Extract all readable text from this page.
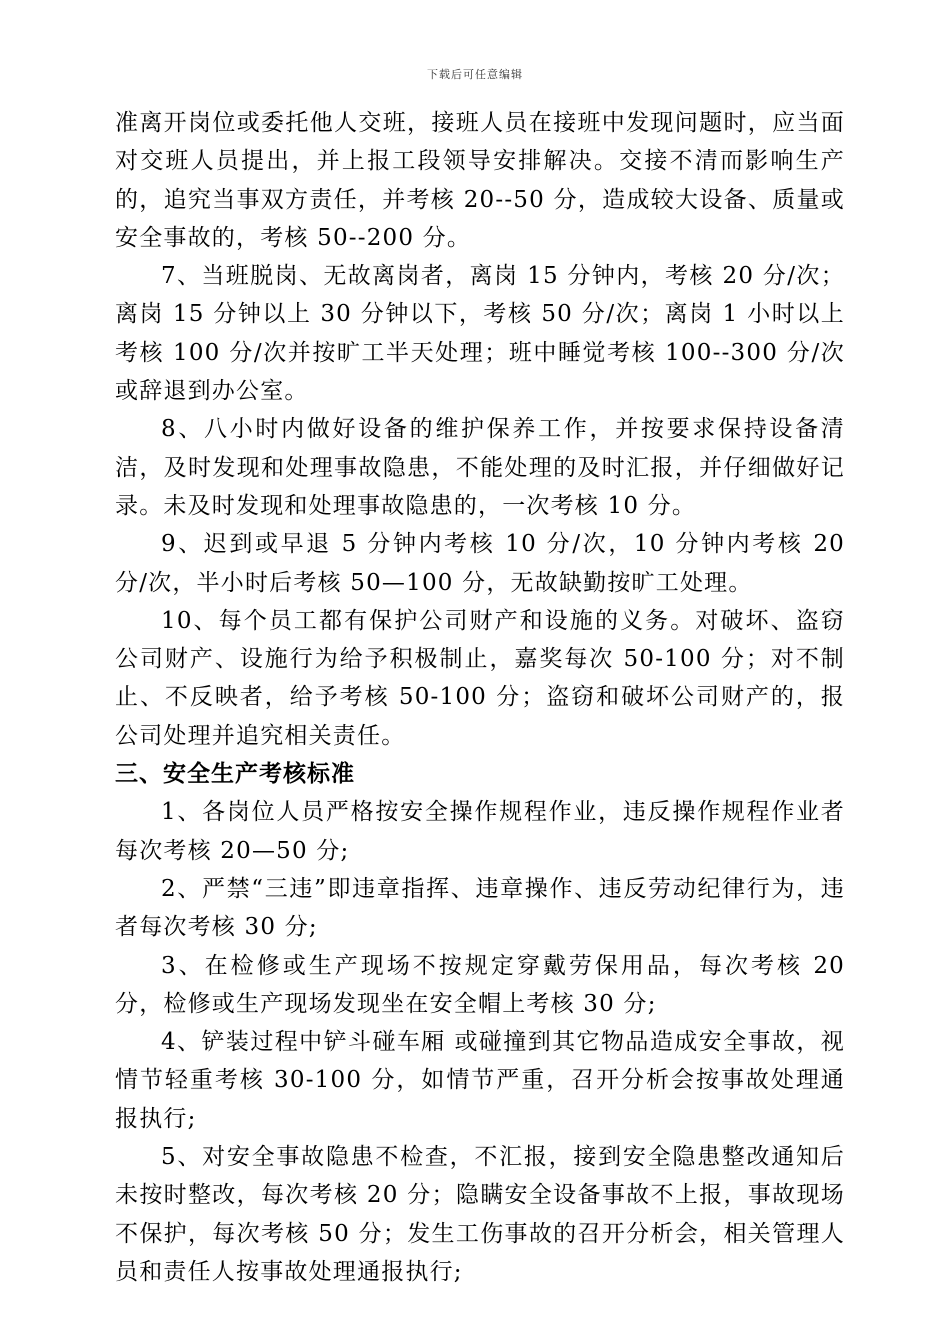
下载后可任意编辑

准离开岗位或委托他人交班，接班人员在接班中发现问题时，应当面对交班人员提出，并上报工段领导安排解决。交接不清而影响生产的，追究当事双方责任，并考核 20--50 分，造成较大设备、质量或安全事故的，考核 50--200 分。

7、当班脱岗、无故离岗者，离岗 15 分钟内，考核 20 分/次；离岗 15 分钟以上 30 分钟以下，考核 50 分/次；离岗 1 小时以上考核 100 分/次并按旷工半天处理；班中睡觉考核 100--300 分/次或辞退到办公室。

8、八小时内做好设备的维护保养工作，并按要求保持设备清洁，及时发现和处理事故隐患，不能处理的及时汇报，并仔细做好记录。未及时发现和处理事故隐患的，一次考核 10 分。

9、迟到或早退 5 分钟内考核 10 分/次，10 分钟内考核 20 分/次，半小时后考核 50—100 分，无故缺勤按旷工处理。

10、每个员工都有保护公司财产和设施的义务。对破坏、盗窃公司财产、设施行为给予积极制止，嘉奖每次 50-100 分；对不制止、不反映者，给予考核 50-100 分；盗窃和破坏公司财产的，报公司处理并追究相关责任。

三、安全生产考核标准

1、各岗位人员严格按安全操作规程作业，违反操作规程作业者每次考核 20—50 分;

2、严禁“三违”即违章指挥、违章操作、违反劳动纪律行为，违者每次考核 30 分;

3、在检修或生产现场不按规定穿戴劳保用品，每次考核 20 分，检修或生产现场发现坐在安全帽上考核 30 分;

4、铲装过程中铲斗碰车厢 或碰撞到其它物品造成安全事故，视情节轻重考核 30-100 分，如情节严重，召开分析会按事故处理通报执行;

5、对安全事故隐患不检查，不汇报，接到安全隐患整改通知后未按时整改，每次考核 20 分；隐瞒安全设备事故不上报，事故现场不保护，每次考核 50 分；发生工伤事故的召开分析会，相关管理人员和责任人按事故处理通报执行;
